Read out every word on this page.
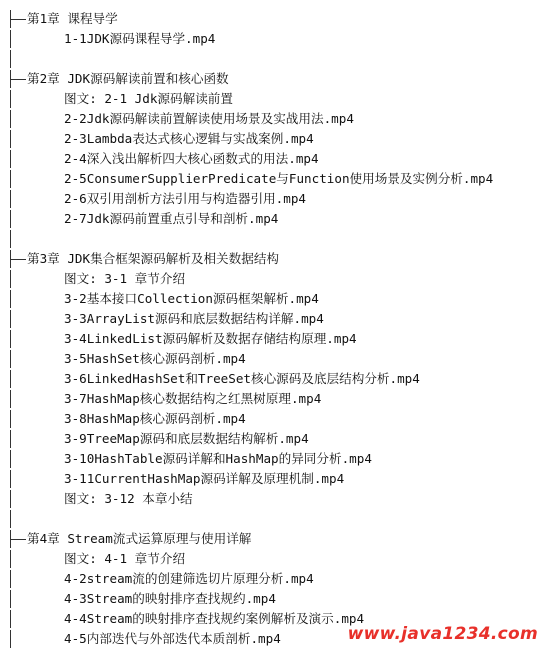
第1章 课程导学
1-1JDK源码课程导学.mp4
第2章 JDK源码解读前置和核心函数
图文: 2-1 Jdk源码解读前置
2-2Jdk源码解读前置解读使用场景及实战用法.mp4
2-3Lambda表达式核心逻辑与实战案例.mp4
2-4深入浅出解析四大核心函数式的用法.mp4
2-5ConsumerSupplierPredicate与Function使用场景及实例分析.mp4
2-6双引用剖析方法引用与构造器引用.mp4
2-7Jdk源码前置重点引导和剖析.mp4
第3章 JDK集合框架源码解析及相关数据结构
图文: 3-1 章节介绍
3-2基本接口Collection源码框架解析.mp4
3-3ArrayList源码和底层数据结构详解.mp4
3-4LinkedList源码解析及数据存储结构原理.mp4
3-5HashSet核心源码剖析.mp4
3-6LinkedHashSet和TreeSet核心源码及底层结构分析.mp4
3-7HashMap核心数据结构之红黑树原理.mp4
3-8HashMap核心源码剖析.mp4
3-9TreeMap源码和底层数据结构解析.mp4
3-10HashTable源码详解和HashMap的异同分析.mp4
3-11CurrentHashMap源码详解及原理机制.mp4
图文: 3-12 本章小结
第4章 Stream流式运算原理与使用详解
图文: 4-1 章节介绍
4-2stream流的创建筛选切片原理分析.mp4
4-3Stream的映射排序查找规约.mp4
4-4Stream的映射排序查找规约案例解析及演示.mp4
4-5内部迭代与外部迭代本质剖析.mp4	www.java1234.com
